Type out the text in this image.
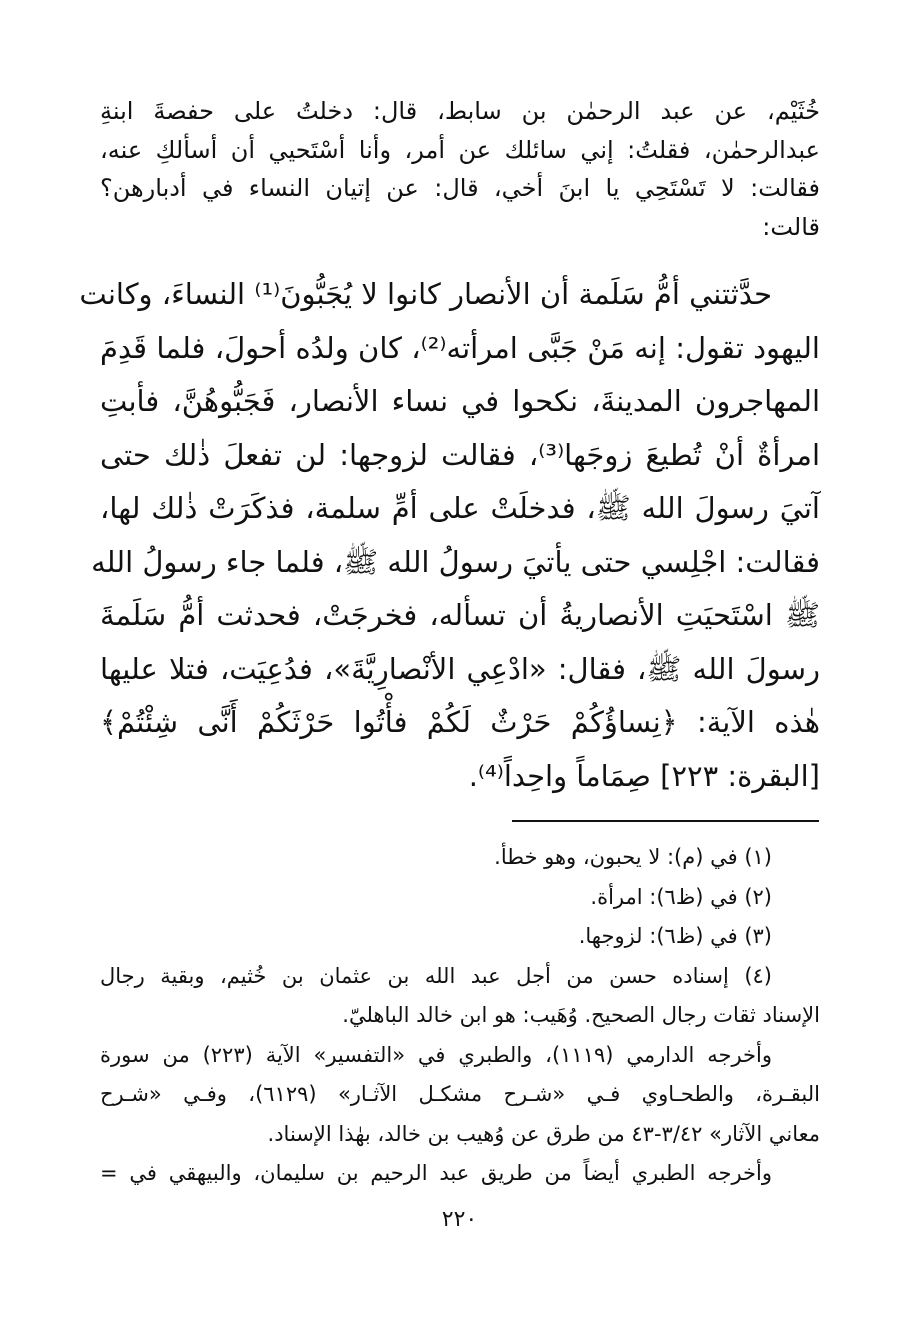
خُثَيْم، عن عبد الرحمٰن بن سابط، قال: دخلتُ على حفصةَ ابنةِ
عبدالرحمٰن، فقلتُ: إني سائلك عن أمر، وأنا أسْتَحيي أن أسألكِ عنه،
فقالت: لا تَسْتَحِي يا ابنَ أخي، قال: عن إتيان النساء في أدبارهن؟
قالت:
حدَّثتني أمُّ سَلَمة أن الأنصار كانوا لا يُجَبُّونَ⁽¹⁾ النساءَ، وكانت
اليهود تقول: إنه مَنْ جَبَّى امرأته⁽²⁾، كان ولدُه أحولَ، فلما قَدِمَ
المهاجرون المدينةَ، نكحوا في نساء الأنصار، فَجَبُّوهُنَّ، فأبتِ
امرأةٌ أنْ تُطيعَ زوجَها⁽³⁾، فقالت لزوجها: لن تفعلَ ذٰلك حتى
آتيَ رسولَ الله ﷺ، فدخلَتْ على أمِّ سلمة، فذكَرَتْ ذٰلك لها،
فقالت: اجْلِسي حتى يأتيَ رسولُ الله ﷺ، فلما جاء رسولُ الله
ﷺ اسْتَحيَتِ الأنصاريةُ أن تسأله، فخرجَتْ، فحدثت أمُّ سَلَمةَ
رسولَ الله ﷺ، فقال: «ادْعِي الأنْصارِيَّةَ»، فدُعِيَت، فتلا عليها
هٰذه الآية: ﴿نِساؤُكُمْ حَرْثٌ لَكُمْ فأْتُوا حَرْثَكُمْ أَنَّى شِئْتُمْ﴾
[البقرة: ٢٢٣] صِمَاماً واحِداً⁽⁴⁾.
(١) في (م): لا يحبون، وهو خطأ.
(٢) في (ظ٦): امرأة.
(٣) في (ظ٦): لزوجها.
(٤) إسناده حسن من أجل عبد الله بن عثمان بن خُثيم، وبقية رجال
الإسناد ثقات رجال الصحيح. وُهَيب: هو ابن خالد الباهليّ.
وأخرجه الدارمي (١١١٩)، والطبري في «التفسير» الآية (٢٢٣) من سورة
البقـرة، والطحـاوي فـي «شـرح مشكـل الآثـار» (٦١٢٩)، وفـي «شـرح
معاني الآثار» ٣/٤٢-٤٣ من طرق عن وُهيب بن خالد، بهٰذا الإسناد.
وأخرجه الطبري أيضاً من طريق عبد الرحيم بن سليمان، والبيهقي في =
٢٢٠
